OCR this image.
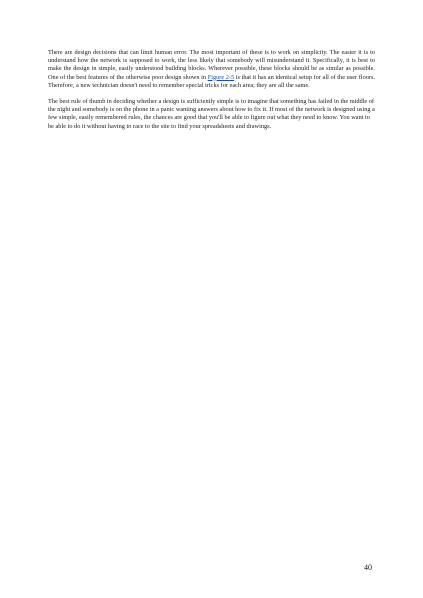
There are design decisions that can limit human error. The most important of these is to work on simplicity. The easier it is to understand how the network is supposed to work, the less likely that somebody will misunderstand it. Specifically, it is best to make the design in simple, easily understood building blocks. Wherever possible, these blocks should be as similar as possible. One of the best features of the otherwise poor design shown in Figure 2-5 is that it has an identical setup for all of the user floors. Therefore, a new technician doesn't need to remember special tricks for each area; they are all the same.

The best rule of thumb in deciding whether a design is sufficiently simple is to imagine that something has failed in the middle of the night and somebody is on the phone in a panic wanting answers about how to fix it. If most of the network is designed using a few simple, easily remembered rules, the chances are good that you'll be able to figure out what they need to know. You want to be able to do it without having to race to the site to find your spreadsheets and drawings.

40
